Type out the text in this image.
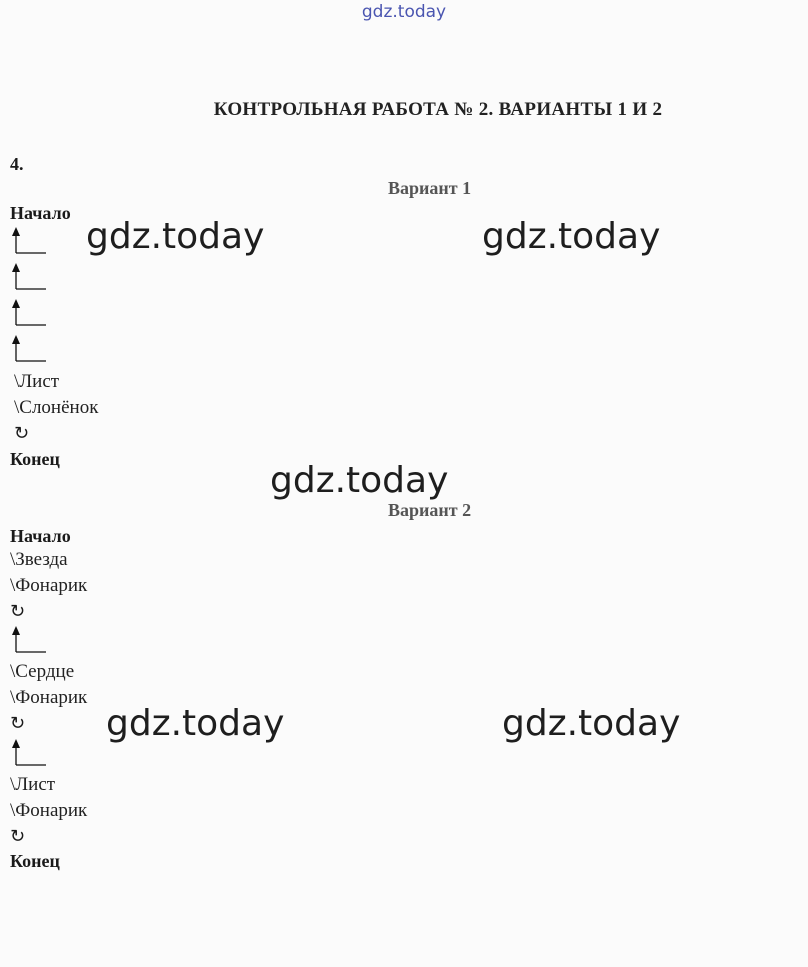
gdz.today
gdz.today	gdz.today
gdz.today
gdz.today	gdz.today
КОНТРОЛЬНАЯ РАБОТА № 2. ВАРИАНТЫ 1 И 2
4.
Вариант 1
Начало
\Лист
\Слонёнок
↻
Конец
Вариант 2
Начало
\Звезда
\Фонарик
↻
\Сердце
\Фонарик
↻
\Лист
\Фонарик
↻
Конец
